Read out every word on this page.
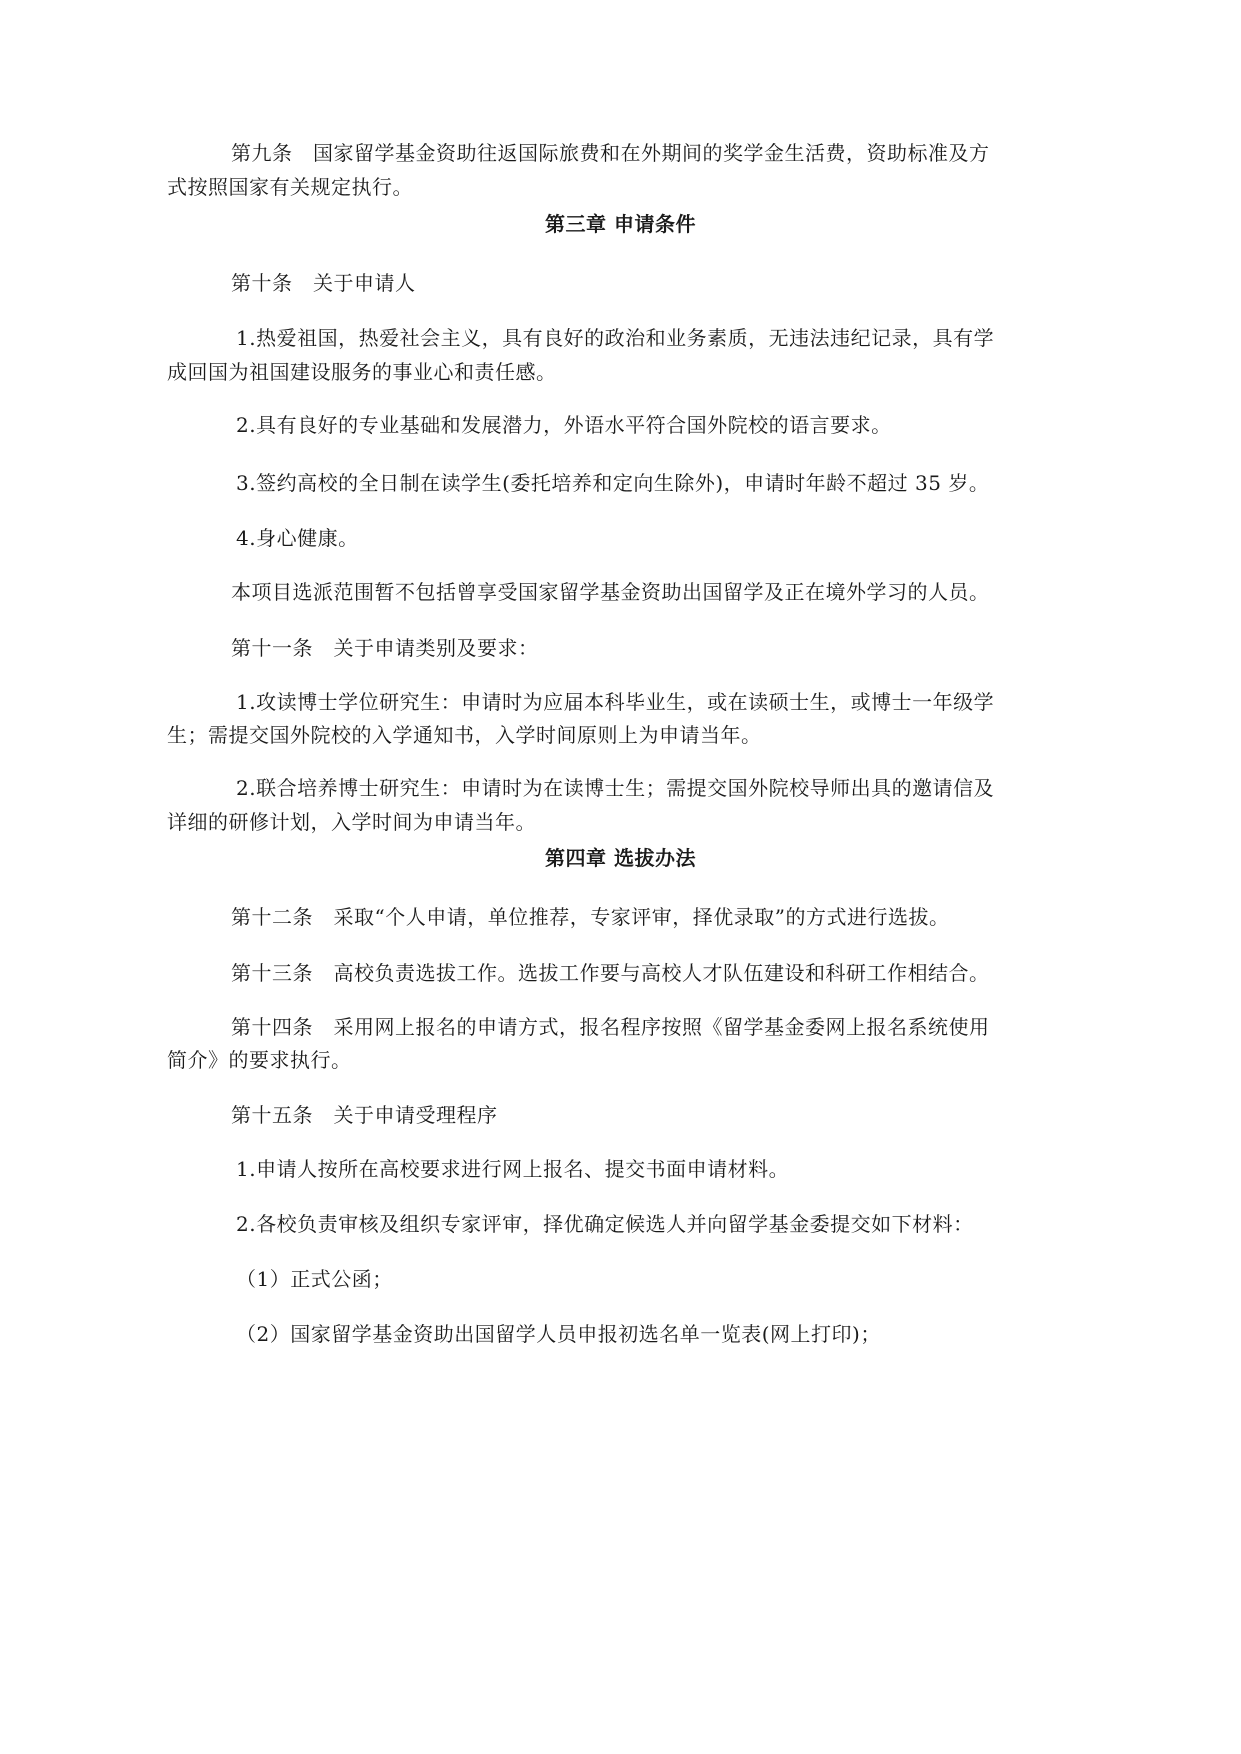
第九条　国家留学基金资助往返国际旅费和在外期间的奖学金生活费，资助标准及方
式按照国家有关规定执行。
第三章 申请条件
第十条　关于申请人
1.热爱祖国，热爱社会主义，具有良好的政治和业务素质，无违法违纪记录，具有学
成回国为祖国建设服务的事业心和责任感。
2.具有良好的专业基础和发展潜力，外语水平符合国外院校的语言要求。
3.签约高校的全日制在读学生(委托培养和定向生除外)，申请时年龄不超过 35 岁。
4.身心健康。
本项目选派范围暂不包括曾享受国家留学基金资助出国留学及正在境外学习的人员。
第十一条　关于申请类别及要求：
1.攻读博士学位研究生：申请时为应届本科毕业生，或在读硕士生，或博士一年级学
生；需提交国外院校的入学通知书，入学时间原则上为申请当年。
2.联合培养博士研究生：申请时为在读博士生；需提交国外院校导师出具的邀请信及
详细的研修计划，入学时间为申请当年。
第四章 选拔办法
第十二条　采取“个人申请，单位推荐，专家评审，择优录取”的方式进行选拔。
第十三条　高校负责选拔工作。选拔工作要与高校人才队伍建设和科研工作相结合。
第十四条　采用网上报名的申请方式，报名程序按照《留学基金委网上报名系统使用
简介》的要求执行。
第十五条　关于申请受理程序
1.申请人按所在高校要求进行网上报名、提交书面申请材料。
2.各校负责审核及组织专家评审，择优确定候选人并向留学基金委提交如下材料：
（1）正式公函；
（2）国家留学基金资助出国留学人员申报初选名单一览表(网上打印)；
